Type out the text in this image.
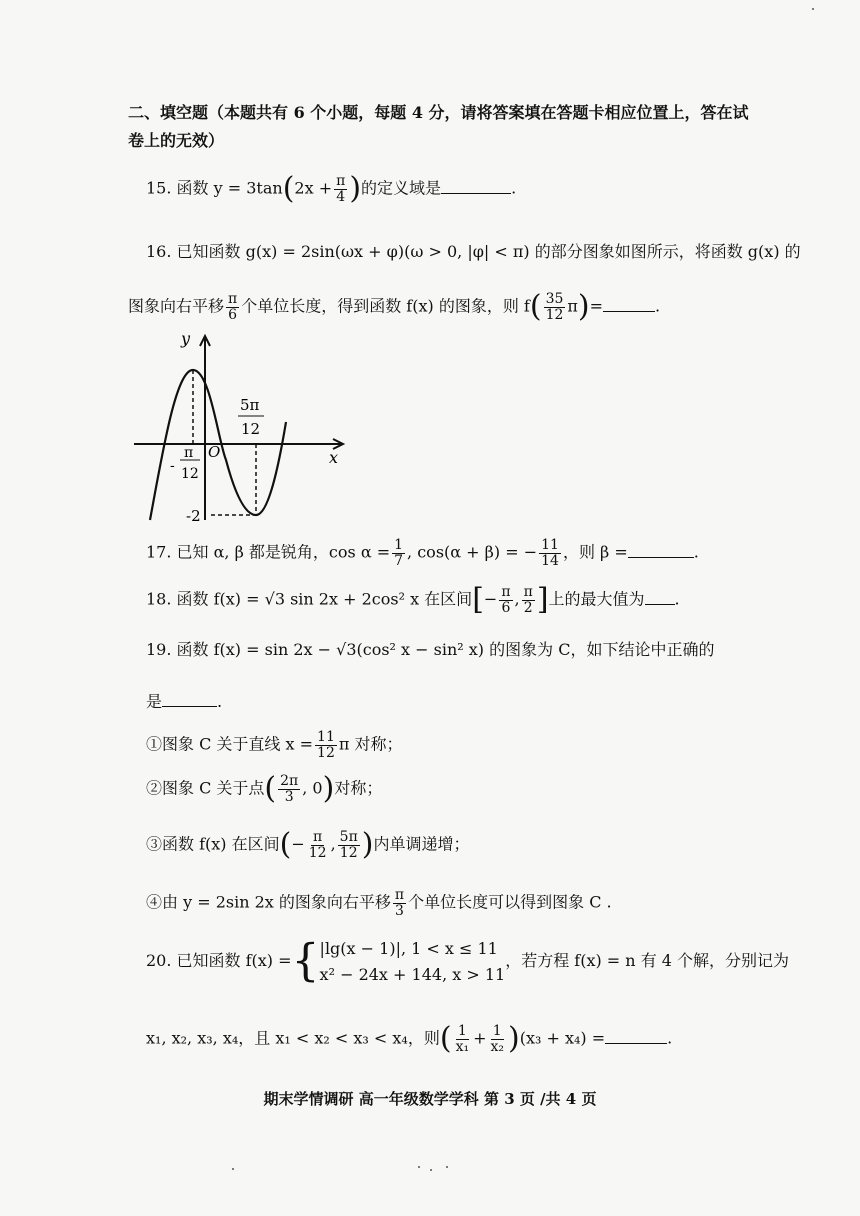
二、填空题（本题共有 6 个小题，每题 4 分，请将答案填在答题卡相应位置上，答在试
卷上的无效）
15. 函数 $y = 3\tan(2x + \frac{\pi}{4}$ )的定义域是	.
16. 已知函数 g(x) = 2sin(ωx + φ)(ω > 0, |φ| < π) 的部分图象如图所示，将函数 g(x) 的
图象向右平移 $\frac{\pi}{6}$ 个单位长度，得到函数 f(x) 的图象，则 $f( \frac{35}{12} \pi)=$	.
y
x
O
-
π
12
5π
12
-2
17. 已知 α, β 都是锐角，$\cos \alpha = \frac{1}{7}$ , cos(α + β) = − $\frac{11}{14}$ ，则 β =	.
18. 函数 f(x) = √3 sin 2x + 2cos² x 在区间[− $\frac{\pi}{6}$ , $\frac{\pi}{2}$ ]上的最大值为 .
19. 函数 f(x) = sin 2x − √3(cos² x − sin² x) 的图象为 C，如下结论中正确的
是	.
①图象 C 关于直线 $x = \frac{11}{12}$ π 对称；
②图象 C 关于点( $\frac{2\pi}{3}$ , 0)对称；
③函数 f(x) 在区间(− $\frac{\pi}{12}$ , $\frac{5\pi}{12}$ )内单调递增；
④由 y = 2sin 2x 的图象向右平移 $\frac{\pi}{3}$ 个单位长度可以得到图象 C .
20. 已知函数 f(x) ={ |lg(x − 1)|, 1 < x ≤ 11
x² − 24x + 144, x > 11
，若方程 f(x) = n 有 4 个解，分别记为
x₁, x₂, x₃, x₄，且 x₁ < x₂ < x₃ < x₄，则( $\frac{1}{\text{x₁}} + \frac{1}{\text{x₂}} )(x_3 + x_4)$ =	.
期末学情调研 高一年级数学学科 第 3 页 /共 4 页
